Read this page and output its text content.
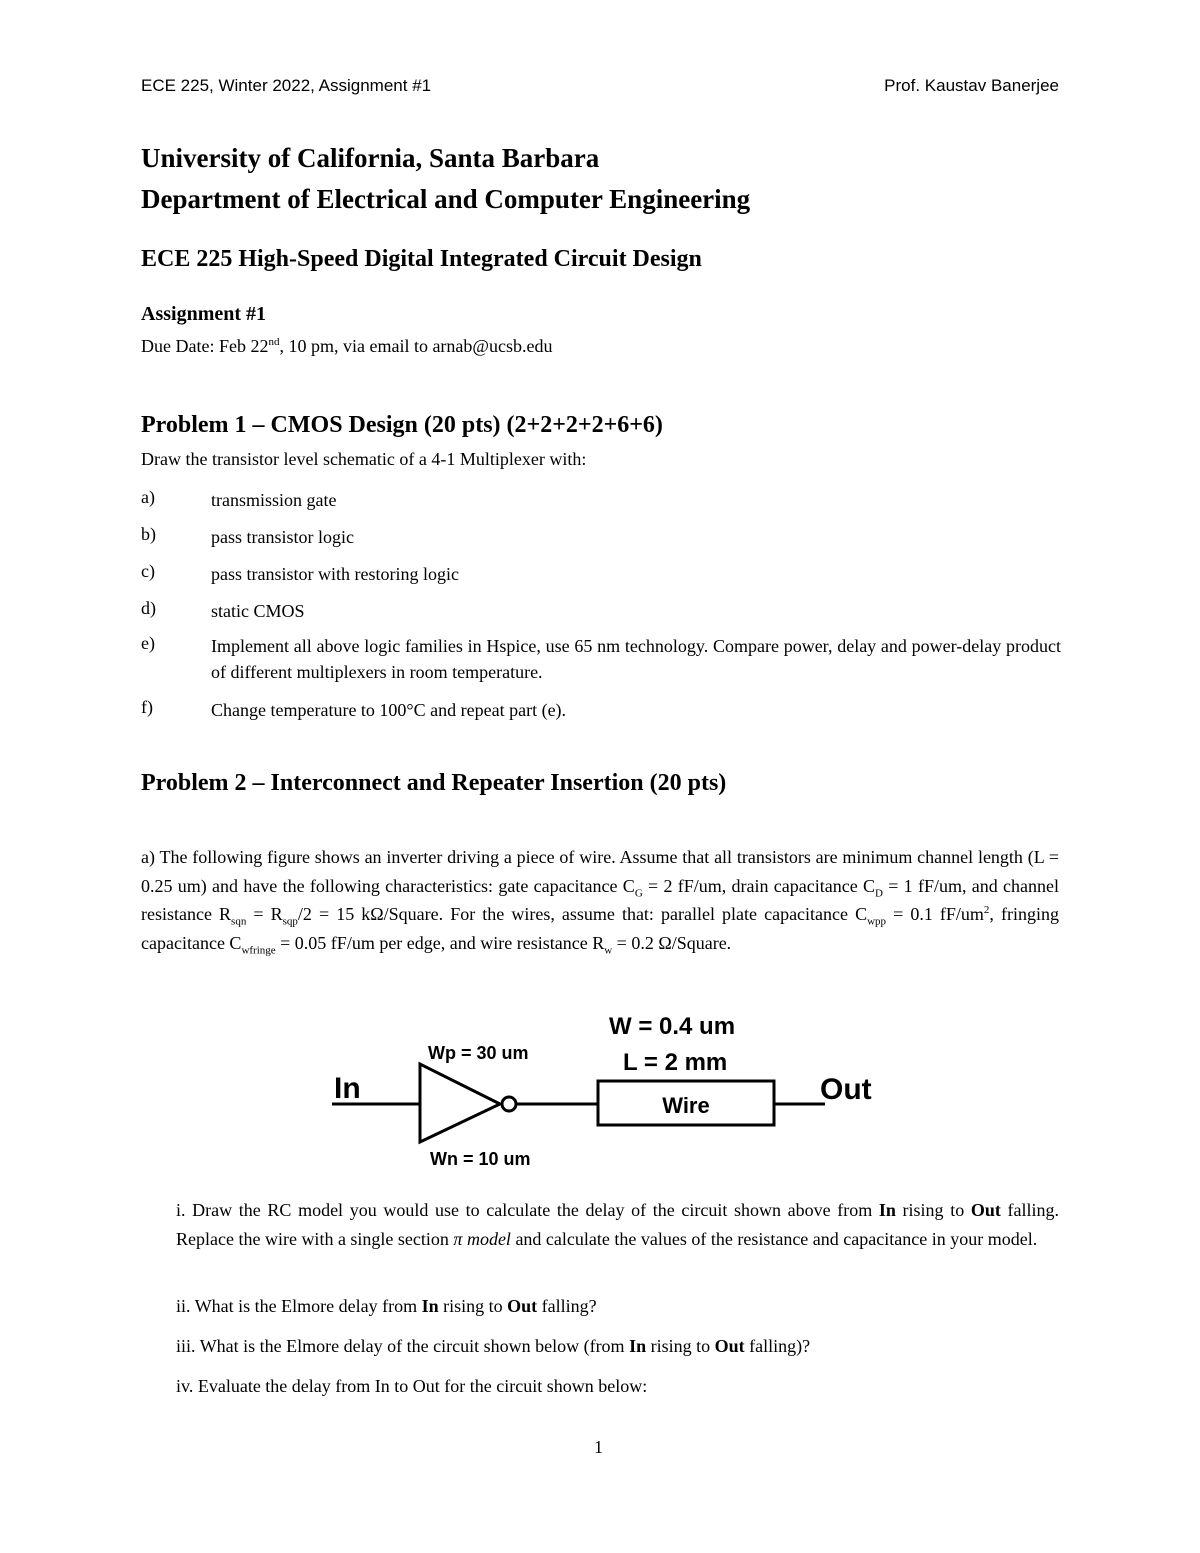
ECE 225, Winter 2022, Assignment #1	Prof. Kaustav Banerjee
University of California, Santa Barbara
Department of Electrical and Computer Engineering
ECE 225 High-Speed Digital Integrated Circuit Design
Assignment #1
Due Date: Feb 22nd, 10 pm, via email to arnab@ucsb.edu
Problem 1 – CMOS Design (20 pts) (2+2+2+2+6+6)
Draw the transistor level schematic of a 4-1 Multiplexer with:
a)	transmission gate
b)	pass transistor logic
c)	pass transistor with restoring logic
d)	static CMOS
e)	Implement all above logic families in Hspice, use 65 nm technology. Compare power, delay and power-delay product of different multiplexers in room temperature.
f)	Change temperature to 100°C and repeat part (e).
Problem 2 – Interconnect and Repeater Insertion (20 pts)
a) The following figure shows an inverter driving a piece of wire. Assume that all transistors are minimum channel length (L = 0.25 um) and have the following characteristics: gate capacitance $C_G = 2$ fF/um, drain capacitance $C_D = 1$ fF/um, and channel resistance $R_{sqn} = R_{sqp}/2 = 15$ kΩ/Square. For the wires, assume that: parallel plate capacitance $C_{wpp} = 0.1$ $fF/um^2$, fringing capacitance $C_{wfringe} = 0.05$ fF/um per edge, and wire resistance $R_w = 0.2$ Ω/Square.
In	Out
Wp = 30 um
Wn = 10 um
W = 0.4 um
L = 2 mm
Wire
i. Draw the RC model you would use to calculate the delay of the circuit shown above from In rising to Out falling. Replace the wire with a single section π model and calculate the values of the resistance and capacitance in your model.
ii. What is the Elmore delay from In rising to Out falling?
iii. What is the Elmore delay of the circuit shown below (from In rising to Out falling)?
iv. Evaluate the delay from In to Out for the circuit shown below:
1
